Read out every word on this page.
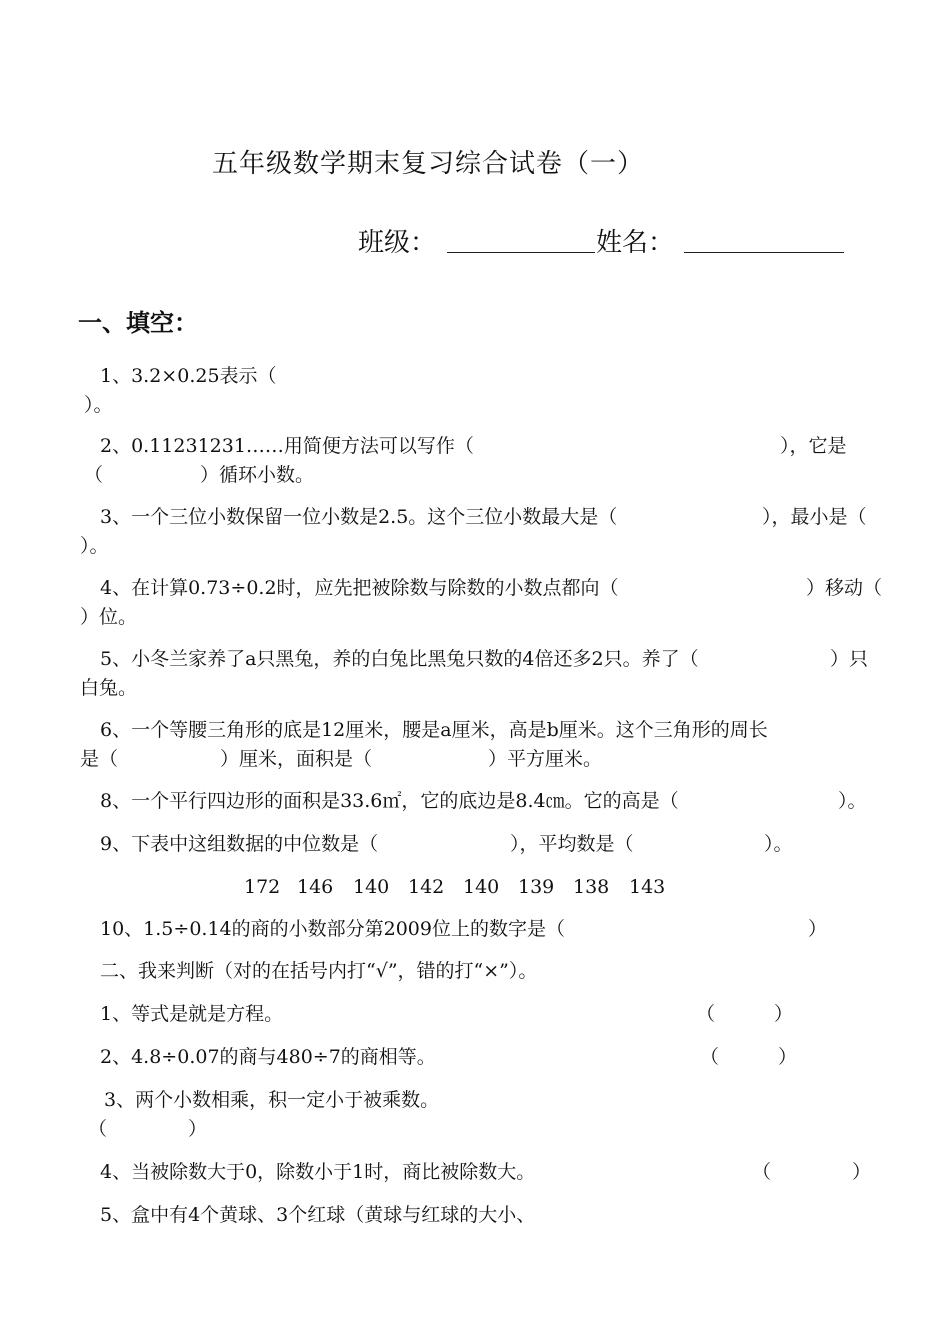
五年级数学期末复习综合试卷（一）
班级：	姓名：
一、填空：
1、3.2×0.25表示（
）。
2、0.11231231……用简便方法可以写作（	），它是
（	）循环小数。
3、一个三位小数保留一位小数是2.5。这个三位小数最大是（	），最小是（
）。
4、在计算0.73÷0.2时，应先把被除数与除数的小数点都向（	）移动（
）位。
5、小冬兰家养了a只黑兔，养的白兔比黑兔只数的4倍还多2只。养了（	）只
白兔。
6、一个等腰三角形的底是12厘米，腰是a厘米，高是b厘米。这个三角形的周长
是（	）厘米，面积是（	）平方厘米。
8、一个平行四边形的面积是33.6㎡，它的底边是8.4㎝。它的高是（	）。
9、下表中这组数据的中位数是（	），平均数是（	）。
172 146 140 142 140 139 138 143
10、1.5÷0.14的商的小数部分第2009位上的数字是（	）
二、我来判断（对的在括号内打“√”，错的打“×”）。
1、等式是就是方程。	（	）
2、4.8÷0.07的商与480÷7的商相等。	（	）
3、两个小数相乘，积一定小于被乘数。
（	）
4、当被除数大于0，除数小于1时，商比被除数大。	（	）
5、盒中有4个黄球、3个红球（黄球与红球的大小、
